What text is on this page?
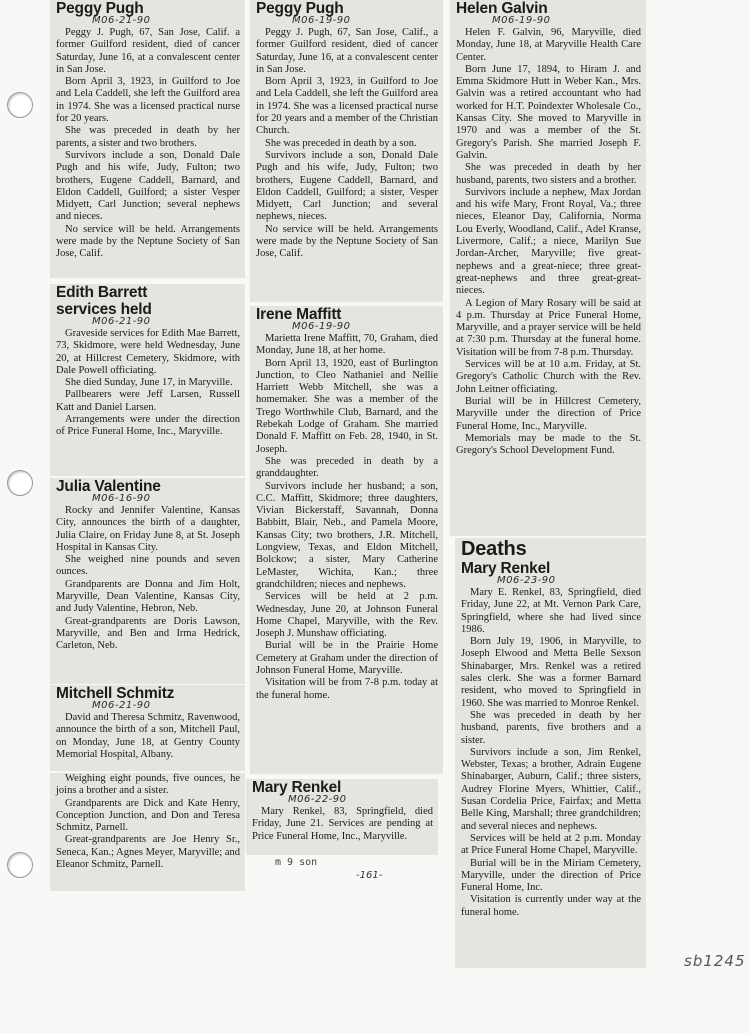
Peggy Pugh
M06-21-90

Peggy J. Pugh, 67, San Jose, Calif. a former Guilford resident, died of cancer Saturday, June 16, at a convalescent center in San Jose.

Born April 3, 1923, in Guilford to Joe and Lela Caddell, she left the Guilford area in 1974. She was a licensed practical nurse for 20 years.

She was preceded in death by her parents, a sister and two brothers.

Survivors include a son, Donald Dale Pugh and his wife, Judy, Fulton; two brothers, Eugene Caddell, Barnard, and Eldon Caddell, Guilford; a sister Vesper Midyett, Carl Junction; several nephews and nieces.

No service will be held. Arrangements were made by the Neptune Society of San Jose, Calif.

Edith Barrett
services held
M06-21-90

Graveside services for Edith Mae Barrett, 73, Skidmore, were held Wednesday, June 20, at Hillcrest Cemetery, Skidmore, with Dale Powell officiating.

She died Sunday, June 17, in Maryville.

Pallbearers were Jeff Larsen, Russell Katt and Daniel Larsen.

Arrangements were under the direction of Price Funeral Home, Inc., Maryville.

Julia Valentine
M06-16-90

Rocky and Jennifer Valentine, Kansas City, announces the birth of a daughter, Julia Claire, on Friday June 8, at St. Joseph Hospital in Kansas City.

She weighed nine pounds and seven ounces.

Grandparents are Donna and Jim Holt, Maryville, Dean Valentine, Kansas City, and Judy Valentine, Hebron, Neb.

Great-grandparents are Doris Lawson, Maryville, and Ben and Irma Hedrick, Carleton, Neb.

Mitchell Schmitz
M06-21-90

David and Theresa Schmitz, Ravenwood, announce the birth of a son, Mitchell Paul, on Monday, June 18, at Gentry County Memorial Hospital, Albany.

Weighing eight pounds, five ounces, he joins a brother and a sister.

Grandparents are Dick and Kate Henry, Conception Junction, and Don and Teresa Schmitz, Parnell.

Great-grandparents are Joe Henry Sr., Seneca, Kan.; Agnes Meyer, Maryville; and Eleanor Schmitz, Parnell.

Peggy Pugh
M06-19-90

Peggy J. Pugh, 67, San Jose, Calif., a former Guilford resident, died of cancer Saturday, June 16, at a convalescent center in San Jose.

Born April 3, 1923, in Guilford to Joe and Lela Caddell, she left the Guilford area in 1974. She was a licensed practical nurse for 20 years and a member of the Christian Church.

She was preceded in death by a son.

Survivors include a son, Donald Dale Pugh and his wife, Judy, Fulton; two brothers, Eugene Caddell, Barnard, and Eldon Caddell, Guilford; a sister, Vesper Midyett, Carl Junction; and several nephews, nieces.

No service will be held. Arrangements were made by the Neptune Society of San Jose, Calif.

Irene Maffitt
M06-19-90

Marietta Irene Maffitt, 70, Graham, died Monday, June 18, at her home.

Born April 13, 1920, east of Burlington Junction, to Cleo Nathaniel and Nellie Harriett Webb Mitchell, she was a homemaker. She was a member of the Trego Worthwhile Club, Barnard, and the Rebekah Lodge of Graham. She married Donald F. Maffitt on Feb. 28, 1940, in St. Joseph.

She was preceded in death by a granddaughter.

Survivors include her husband; a son, C.C. Maffitt, Skidmore; three daughters, Vivian Bickerstaff, Savannah, Donna Babbitt, Blair, Neb., and Pamela Moore, Kansas City; two brothers, J.R. Mitchell, Longview, Texas, and Eldon Mitchell, Bolckow; a sister, Mary Catherine LeMaster, Wichita, Kan.; three grandchildren; nieces and nephews.

Services will be held at 2 p.m. Wednesday, June 20, at Johnson Funeral Home Chapel, Maryville, with the Rev. Joseph J. Munshaw officiating.

Burial will be in the Prairie Home Cemetery at Graham under the direction of Johnson Funeral Home, Maryville.

Visitation will be from 7-8 p.m. today at the funeral home.

Mary Renkel
M06-22-90

Mary Renkel, 83, Springfield, died Friday, June 21. Services are pending at Price Funeral Home, Inc., Maryville.

m 9 son
-161-
Helen Galvin
M06-19-90

Helen F. Galvin, 96, Maryville, died Monday, June 18, at Maryville Health Care Center.

Born June 17, 1894, to Hiram J. and Emma Skidmore Hutt in Weber Kan., Mrs. Galvin was a retired accountant who had worked for H.T. Poindexter Wholesale Co., Kansas City. She moved to Maryville in 1970 and was a member of the St. Gregory's Parish. She married Joseph F. Galvin.

She was preceded in death by her husband, parents, two sisters and a brother.

Survivors include a nephew, Max Jordan and his wife Mary, Front Royal, Va.; three nieces, Eleanor Day, California, Norma Lou Everly, Woodland, Calif., Adel Kranse, Livermore, Calif.; a niece, Marilyn Sue Jordan-Archer, Maryville; five great-nephews and a great-niece; three great-great-nephews and three great-great- nieces.

A Legion of Mary Rosary will be said at 4 p.m. Thursday at Price Funeral Home, Maryville, and a prayer service will be held at 7:30 p.m. Thursday at the funeral home. Visitation will be from 7-8 p.m. Thursday.

Services will be at 10 a.m. Friday, at St. Gregory's Catholic Church with the Rev. John Leitner officiating.

Burial will be in Hillcrest Cemetery, Maryville under the direction of Price Funeral Home, Inc., Maryville.

Memorials may be made to the St. Gregory's School Development Fund.

Deaths
Mary Renkel
M06-23-90

Mary E. Renkel, 83, Springfield, died Friday, June 22, at Mt. Vernon Park Care, Springfield, where she had lived since 1986.

Born July 19, 1906, in Maryville, to Joseph Elwood and Metta Belle Sexson Shinabarger, Mrs. Renkel was a retired sales clerk. She was a former Barnard resident, who moved to Springfield in 1960. She was married to Monroe Renkel.

She was preceded in death by her husband, parents, five brothers and a sister.

Survivors include a son, Jim Renkel, Webster, Texas; a brother, Adrain Eugene Shinabarger, Auburn, Calif.; three sisters, Audrey Florine Myers, Whittier, Calif., Susan Cordelia Price, Fairfax; and Metta Belle King, Marshall; three grandchildren; and several nieces and nephews.

Services will be held at 2 p.m. Monday at Price Funeral Home Chapel, Maryville.

Burial will be in the Miriam Cemetery, Maryville, under the direction of Price Funeral Home, Inc.

Visitation is currently under way at the funeral home.

sb1245
